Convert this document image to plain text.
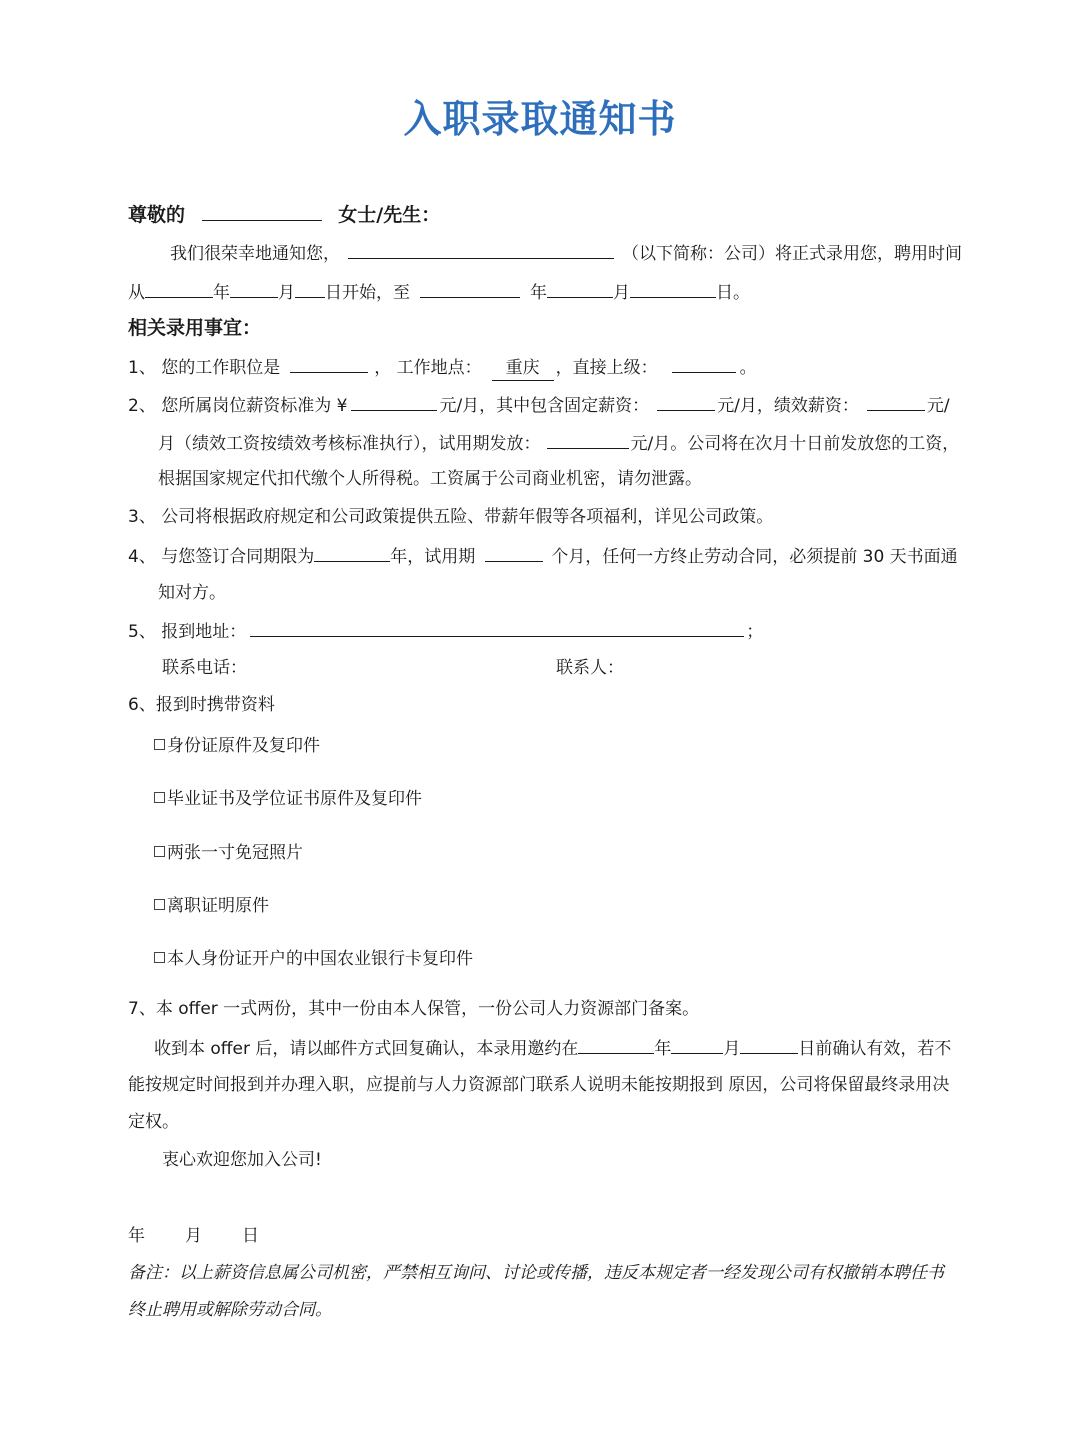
入职录取通知书
尊敬的	女士/先生：
我们很荣幸地通知您，	（以下简称：公司）将正式录用您，聘用时间
从	年	月 日开始，至	年	月	日。
相关录用事宜：
1、 您的工作职位是	， 工作地点： 重庆 ，直接上级：	。
2、 您所属岗位薪资标准为 ¥	元/月，其中包含固定薪资：	元/月，绩效薪资：	元/
月（绩效工资按绩效考核标准执行），试用期发放：	元/月。公司将在次月十日前发放您的工资，
根据国家规定代扣代缴个人所得税。工资属于公司商业机密，请勿泄露。
3、 公司将根据政府规定和公司政策提供五险、带薪年假等各项福利，详见公司政策。
4、 与您签订合同期限为	年，试用期	个月，任何一方终止劳动合同，必须提前 30 天书面通
知对方。
5、 报到地址：	；
联系电话：	联系人：
6、报到时携带资料
身份证原件及复印件
毕业证书及学位证书原件及复印件
两张一寸免冠照片
离职证明原件
本人身份证开户的中国农业银行卡复印件
7、本 offer 一式两份，其中一份由本人保管，一份公司人力资源部门备案。
收到本 offer 后，请以邮件方式回复确认，本录用邀约在	年	月	日前确认有效，若不
能按规定时间报到并办理入职，应提前与人力资源部门联系人说明未能按期报到 原因，公司将保留最终录用决
定权。
衷心欢迎您加入公司!
年 月 日
备注：以上薪资信息属公司机密，严禁相互询问、讨论或传播，违反本规定者一经发现公司有权撤销本聘任书
终止聘用或解除劳动合同。
